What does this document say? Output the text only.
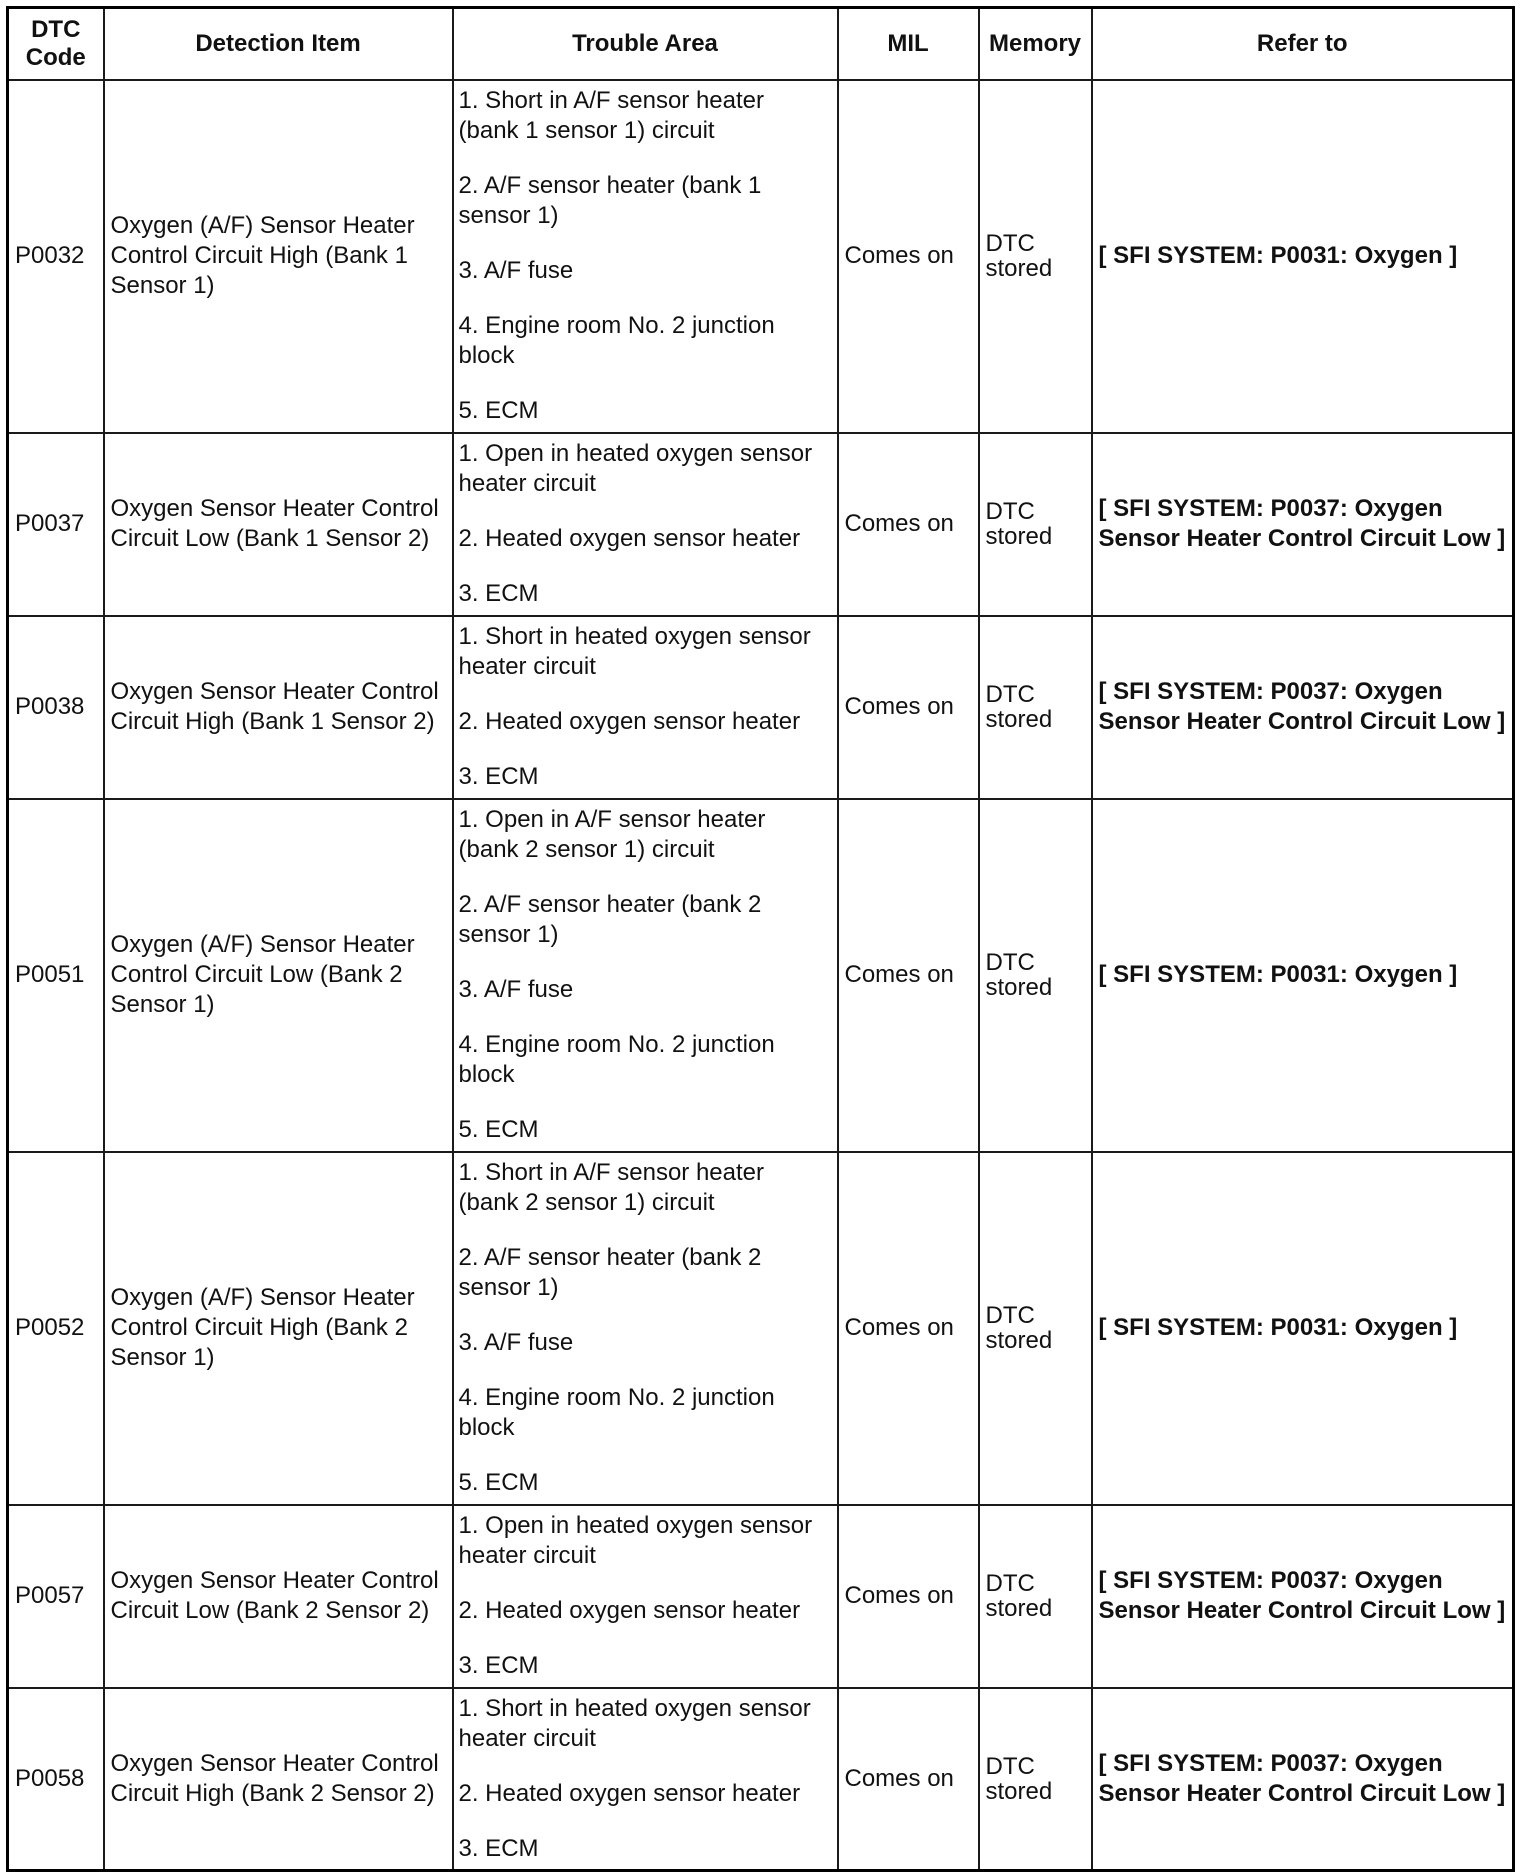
DTC Code	Detection Item	Trouble Area	MIL	Memory	Refer to
P0032	Oxygen (A/F) Sensor Heater Control Circuit High (Bank 1 Sensor 1)	1. Short in A/F sensor heater (bank 1 sensor 1) circuit
2. A/F sensor heater (bank 1 sensor 1)
3. A/F fuse
4. Engine room No. 2 junction block
5. ECM	Comes on	DTC stored	[ SFI SYSTEM: P0031: Oxygen ]
P0037	Oxygen Sensor Heater Control Circuit Low (Bank 1 Sensor 2)	1. Open in heated oxygen sensor heater circuit
2. Heated oxygen sensor heater
3. ECM	Comes on	DTC stored	[ SFI SYSTEM: P0037: Oxygen Sensor Heater Control Circuit Low ]
P0038	Oxygen Sensor Heater Control Circuit High (Bank 1 Sensor 2)	1. Short in heated oxygen sensor heater circuit
2. Heated oxygen sensor heater
3. ECM	Comes on	DTC stored	[ SFI SYSTEM: P0037: Oxygen Sensor Heater Control Circuit Low ]
P0051	Oxygen (A/F) Sensor Heater Control Circuit Low (Bank 2 Sensor 1)	1. Open in A/F sensor heater (bank 2 sensor 1) circuit
2. A/F sensor heater (bank 2 sensor 1)
3. A/F fuse
4. Engine room No. 2 junction block
5. ECM	Comes on	DTC stored	[ SFI SYSTEM: P0031: Oxygen ]
P0052	Oxygen (A/F) Sensor Heater Control Circuit High (Bank 2 Sensor 1)	1. Short in A/F sensor heater (bank 2 sensor 1) circuit
2. A/F sensor heater (bank 2 sensor 1)
3. A/F fuse
4. Engine room No. 2 junction block
5. ECM	Comes on	DTC stored	[ SFI SYSTEM: P0031: Oxygen ]
P0057	Oxygen Sensor Heater Control Circuit Low (Bank 2 Sensor 2)	1. Open in heated oxygen sensor heater circuit
2. Heated oxygen sensor heater
3. ECM	Comes on	DTC stored	[ SFI SYSTEM: P0037: Oxygen Sensor Heater Control Circuit Low ]
P0058	Oxygen Sensor Heater Control Circuit High (Bank 2 Sensor 2)	1. Short in heated oxygen sensor heater circuit
2. Heated oxygen sensor heater
3. ECM	Comes on	DTC stored	[ SFI SYSTEM: P0037: Oxygen Sensor Heater Control Circuit Low ]
